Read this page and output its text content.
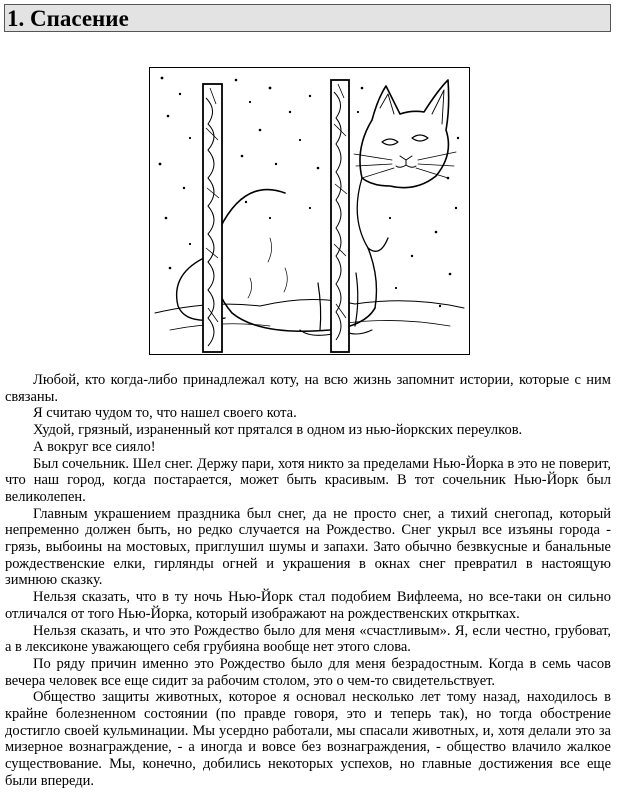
1. Спасение

Любой, кто когда-либо принадлежал коту, на всю жизнь запомнит истории, которые с ним связаны.

Я считаю чудом то, что нашел своего кота.

Худой, грязный, израненный кот прятался в одном из нью-йоркских переулков.

А вокруг все сияло!

Был сочельник. Шел снег. Держу пари, хотя никто за пределами Нью-Йорка в это не поверит, что наш город, когда постарается, может быть красивым. В тот сочельник Нью-Йорк был великолепен.

Главным украшением праздника был снег, да не просто снег, а тихий снегопад, который непременно должен быть, но редко случается на Рождество. Снег укрыл все изъяны города - грязь, выбоины на мостовых, приглушил шумы и запахи. Зато обычно безвкусные и банальные рождественские елки, гирлянды огней и украшения в окнах снег превратил в настоящую зимнюю сказку.

Нельзя сказать, что в ту ночь Нью-Йорк стал подобием Вифлеема, но все-таки он сильно отличался от того Нью-Йорка, который изображают на рождественских открытках.

Нельзя сказать, и что это Рождество было для меня «счастливым». Я, если честно, грубоват, а в лексиконе уважающего себя грубияна вообще нет этого слова.

По ряду причин именно это Рождество было для меня безрадостным. Когда в семь часов вечера человек все еще сидит за рабочим столом, это о чем-то свидетельствует.

Общество защиты животных, которое я основал несколько лет тому назад, находилось в крайне болезненном состоянии (по правде говоря, это и теперь так), но тогда обострение достигло своей кульминации. Мы усердно работали, мы спасали животных, и, хотя делали это за мизерное вознаграждение, - а иногда и вовсе без вознаграждения, - общество влачило жалкое существование. Мы, конечно, добились некоторых успехов, но главные достижения все еще были впереди.
